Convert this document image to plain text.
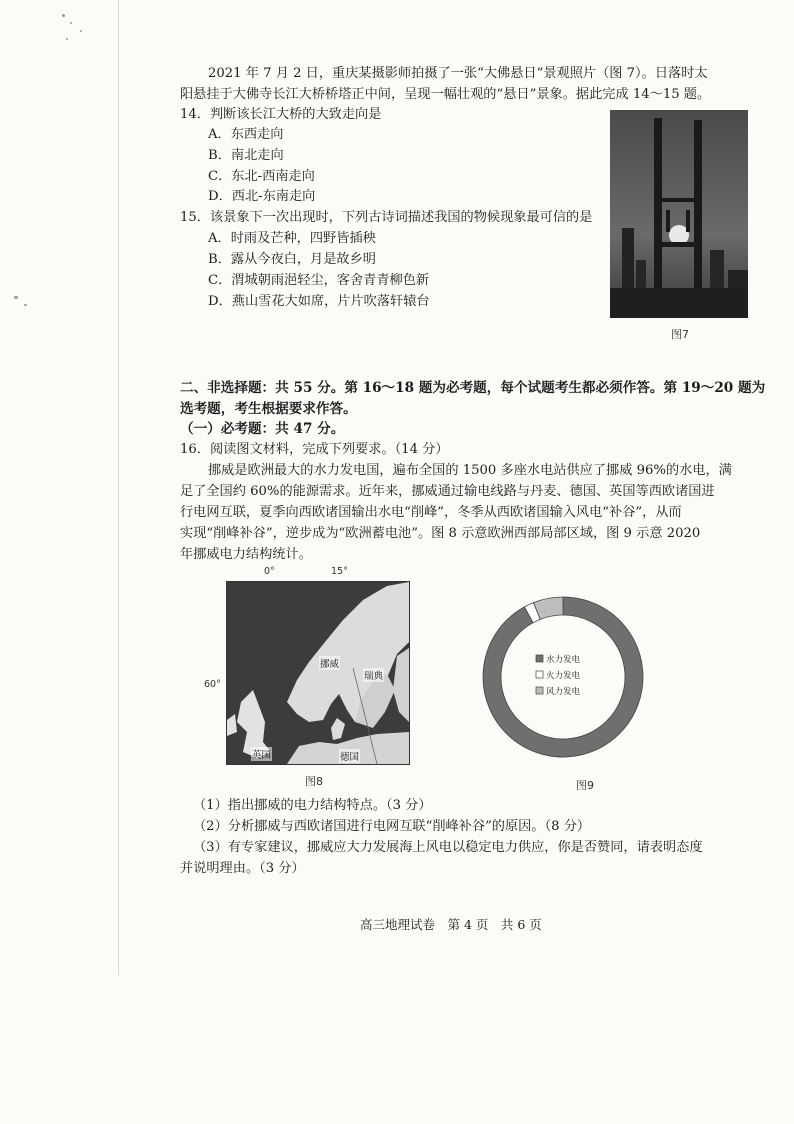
2021 年 7 月 2 日，重庆某摄影师拍摄了一张“大佛悬日”景观照片（图 7）。日落时太
阳悬挂于大佛寺长江大桥桥塔正中间，呈现一幅壮观的“悬日”景象。据此完成 14～15 题。
14．判断该长江大桥的大致走向是
A．东西走向
B．南北走向
C．东北-西南走向
D．西北-东南走向
15．该景象下一次出现时，下列古诗词描述我国的物候现象最可信的是
A．时雨及芒种，四野皆插秧
B．露从今夜白，月是故乡明
C．渭城朝雨浥轻尘，客舍青青柳色新
D．燕山雪花大如席，片片吹落轩辕台
图7
二、非选择题：共 55 分。第 16～18 题为必考题，每个试题考生都必须作答。第 19～20 题为
选考题，考生根据要求作答。
（一）必考题：共 47 分。
16．阅读图文材料，完成下列要求。（14 分）
挪威是欧洲最大的水力发电国，遍布全国的 1500 多座水电站供应了挪威 96%的水电，满
足了全国约 60%的能源需求。近年来，挪威通过输电线路与丹麦、德国、英国等西欧诸国进
行电网互联，夏季向西欧诸国输出水电“削峰”，冬季从西欧诸国输入风电“补谷”，从而
实现“削峰补谷”，逆步成为“欧洲蓄电池”。图 8 示意欧洲西部局部区域，图 9 示意 2020
年挪威电力结构统计。
0°	15°
60°
挪威
瑞典
英国	德国
图8
水力发电
火力发电
风力发电
图9
（1）指出挪威的电力结构特点。（3 分）
（2）分析挪威与西欧诸国进行电网互联“削峰补谷”的原因。（8 分）
（3）有专家建议，挪威应大力发展海上风电以稳定电力供应，你是否赞同，请表明态度
并说明理由。（3 分）
高三地理试卷　第 4 页　共 6 页
